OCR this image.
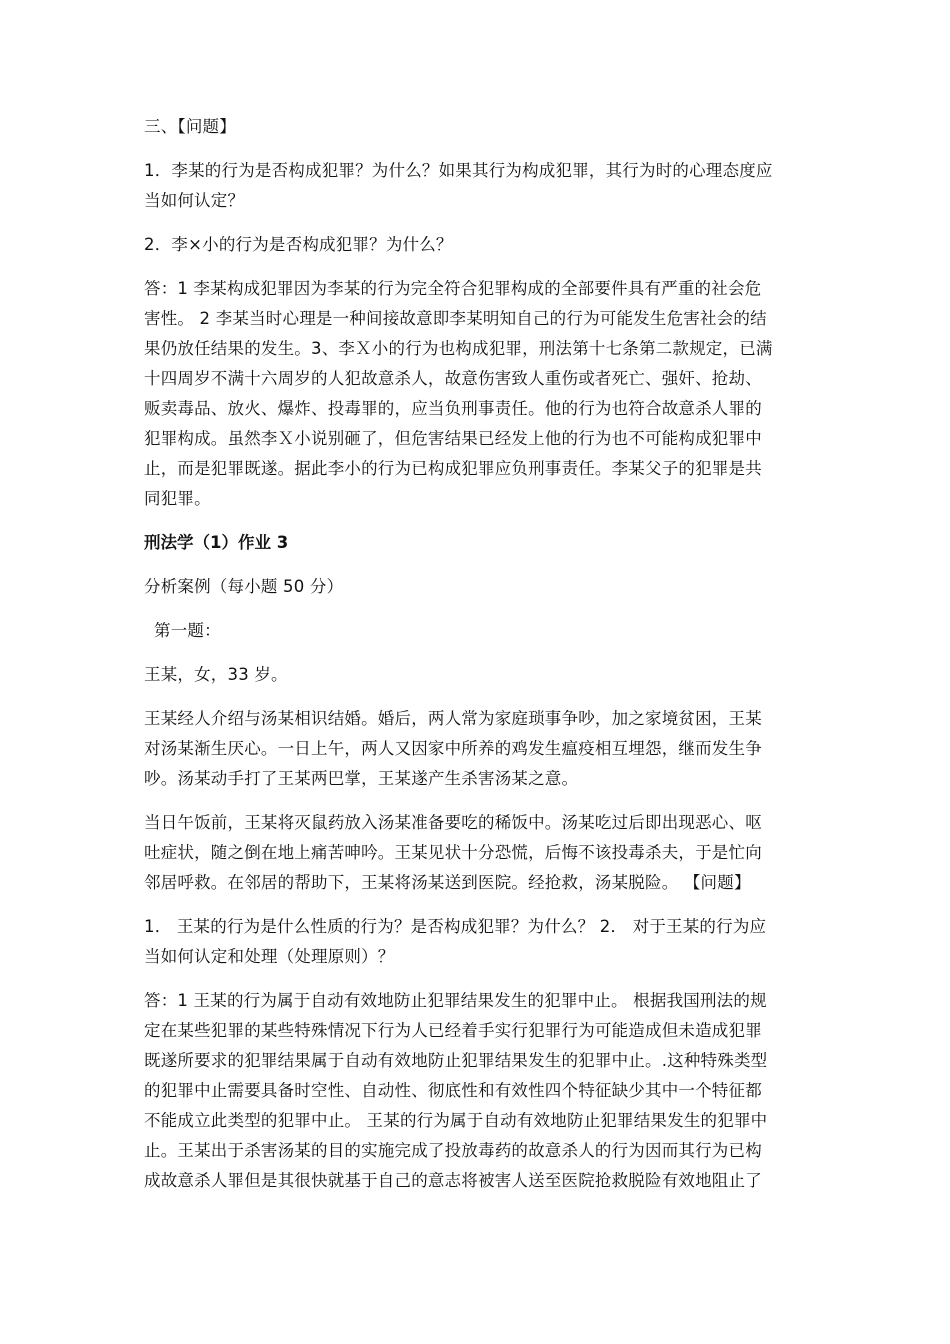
三、【问题】

1．李某的行为是否构成犯罪？为什么？如果其行为构成犯罪，其行为时的心理态度应
当如何认定？

2．李×小的行为是否构成犯罪？为什么？

答：1 李某构成犯罪因为李某的行为完全符合犯罪构成的全部要件具有严重的社会危
害性。 2 李某当时心理是一种间接故意即李某明知自己的行为可能发生危害社会的结
果仍放任结果的发生。3、李Ｘ小的行为也构成犯罪，刑法第十七条第二款规定，已满
十四周岁不满十六周岁的人犯故意杀人，故意伤害致人重伤或者死亡、强奸、抢劫、
贩卖毒品、放火、爆炸、投毒罪的，应当负刑事责任。他的行为也符合故意杀人罪的
犯罪构成。虽然李Ｘ小说别砸了，但危害结果已经发上他的行为也不可能构成犯罪中
止，而是犯罪既遂。据此李小的行为已构成犯罪应负刑事责任。李某父子的犯罪是共
同犯罪。

刑法学（1）作业 3

分析案例（每小题 50 分）

第一题：

王某，女，33 岁。

王某经人介绍与汤某相识结婚。婚后，两人常为家庭琐事争吵，加之家境贫困，王某
对汤某渐生厌心。一日上午，两人又因家中所养的鸡发生瘟疫相互埋怨，继而发生争
吵。汤某动手打了王某两巴掌，王某遂产生杀害汤某之意。

当日午饭前，王某将灭鼠药放入汤某准备要吃的稀饭中。汤某吃过后即出现恶心、呕
吐症状，随之倒在地上痛苦呻吟。王某见状十分恐慌，后悔不该投毒杀夫，于是忙向
邻居呼救。在邻居的帮助下，王某将汤某送到医院。经抢救，汤某脱险。 【问题】

1． 王某的行为是什么性质的行为？是否构成犯罪？为什么？ 2． 对于王某的行为应
当如何认定和处理（处理原则）？

答：1 王某的行为属于自动有效地防止犯罪结果发生的犯罪中止。 根据我国刑法的规
定在某些犯罪的某些特殊情况下行为人已经着手实行犯罪行为可能造成但未造成犯罪
既遂所要求的犯罪结果属于自动有效地防止犯罪结果发生的犯罪中止。.这种特殊类型
的犯罪中止需要具备时空性、自动性、彻底性和有效性四个特征缺少其中一个特征都
不能成立此类型的犯罪中止。 王某的行为属于自动有效地防止犯罪结果发生的犯罪中
止。王某出于杀害汤某的目的实施完成了投放毒药的故意杀人的行为因而其行为已构
成故意杀人罪但是其很快就基于自己的意志将被害人送至医院抢救脱险有效地阻止了
